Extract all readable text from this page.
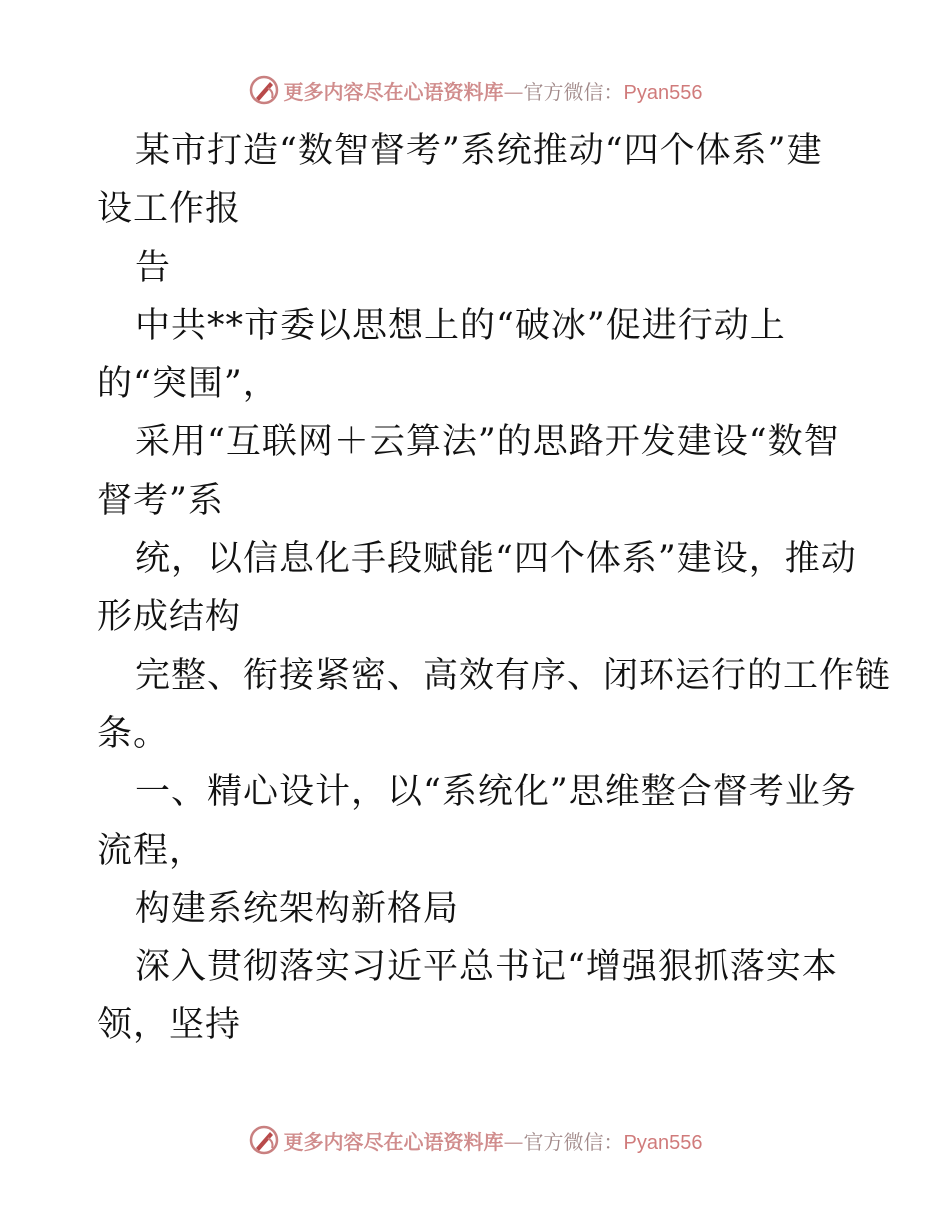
更多内容尽在心语资料库—官方微信：Pyan556
某市打造“数智督考”系统推动“四个体系”建
设工作报
告
中共**市委以思想上的“破冰”促进行动上
的“突围”，
采用“互联网＋云算法”的思路开发建设“数智
督考”系
统，以信息化手段赋能“四个体系”建设，推动
形成结构
完整、衔接紧密、高效有序、闭环运行的工作链
条。
一、精心设计，以“系统化”思维整合督考业务
流程，
构建系统架构新格局
深入贯彻落实习近平总书记“增强狠抓落实本
领，坚持
更多内容尽在心语资料库—官方微信：Pyan556
